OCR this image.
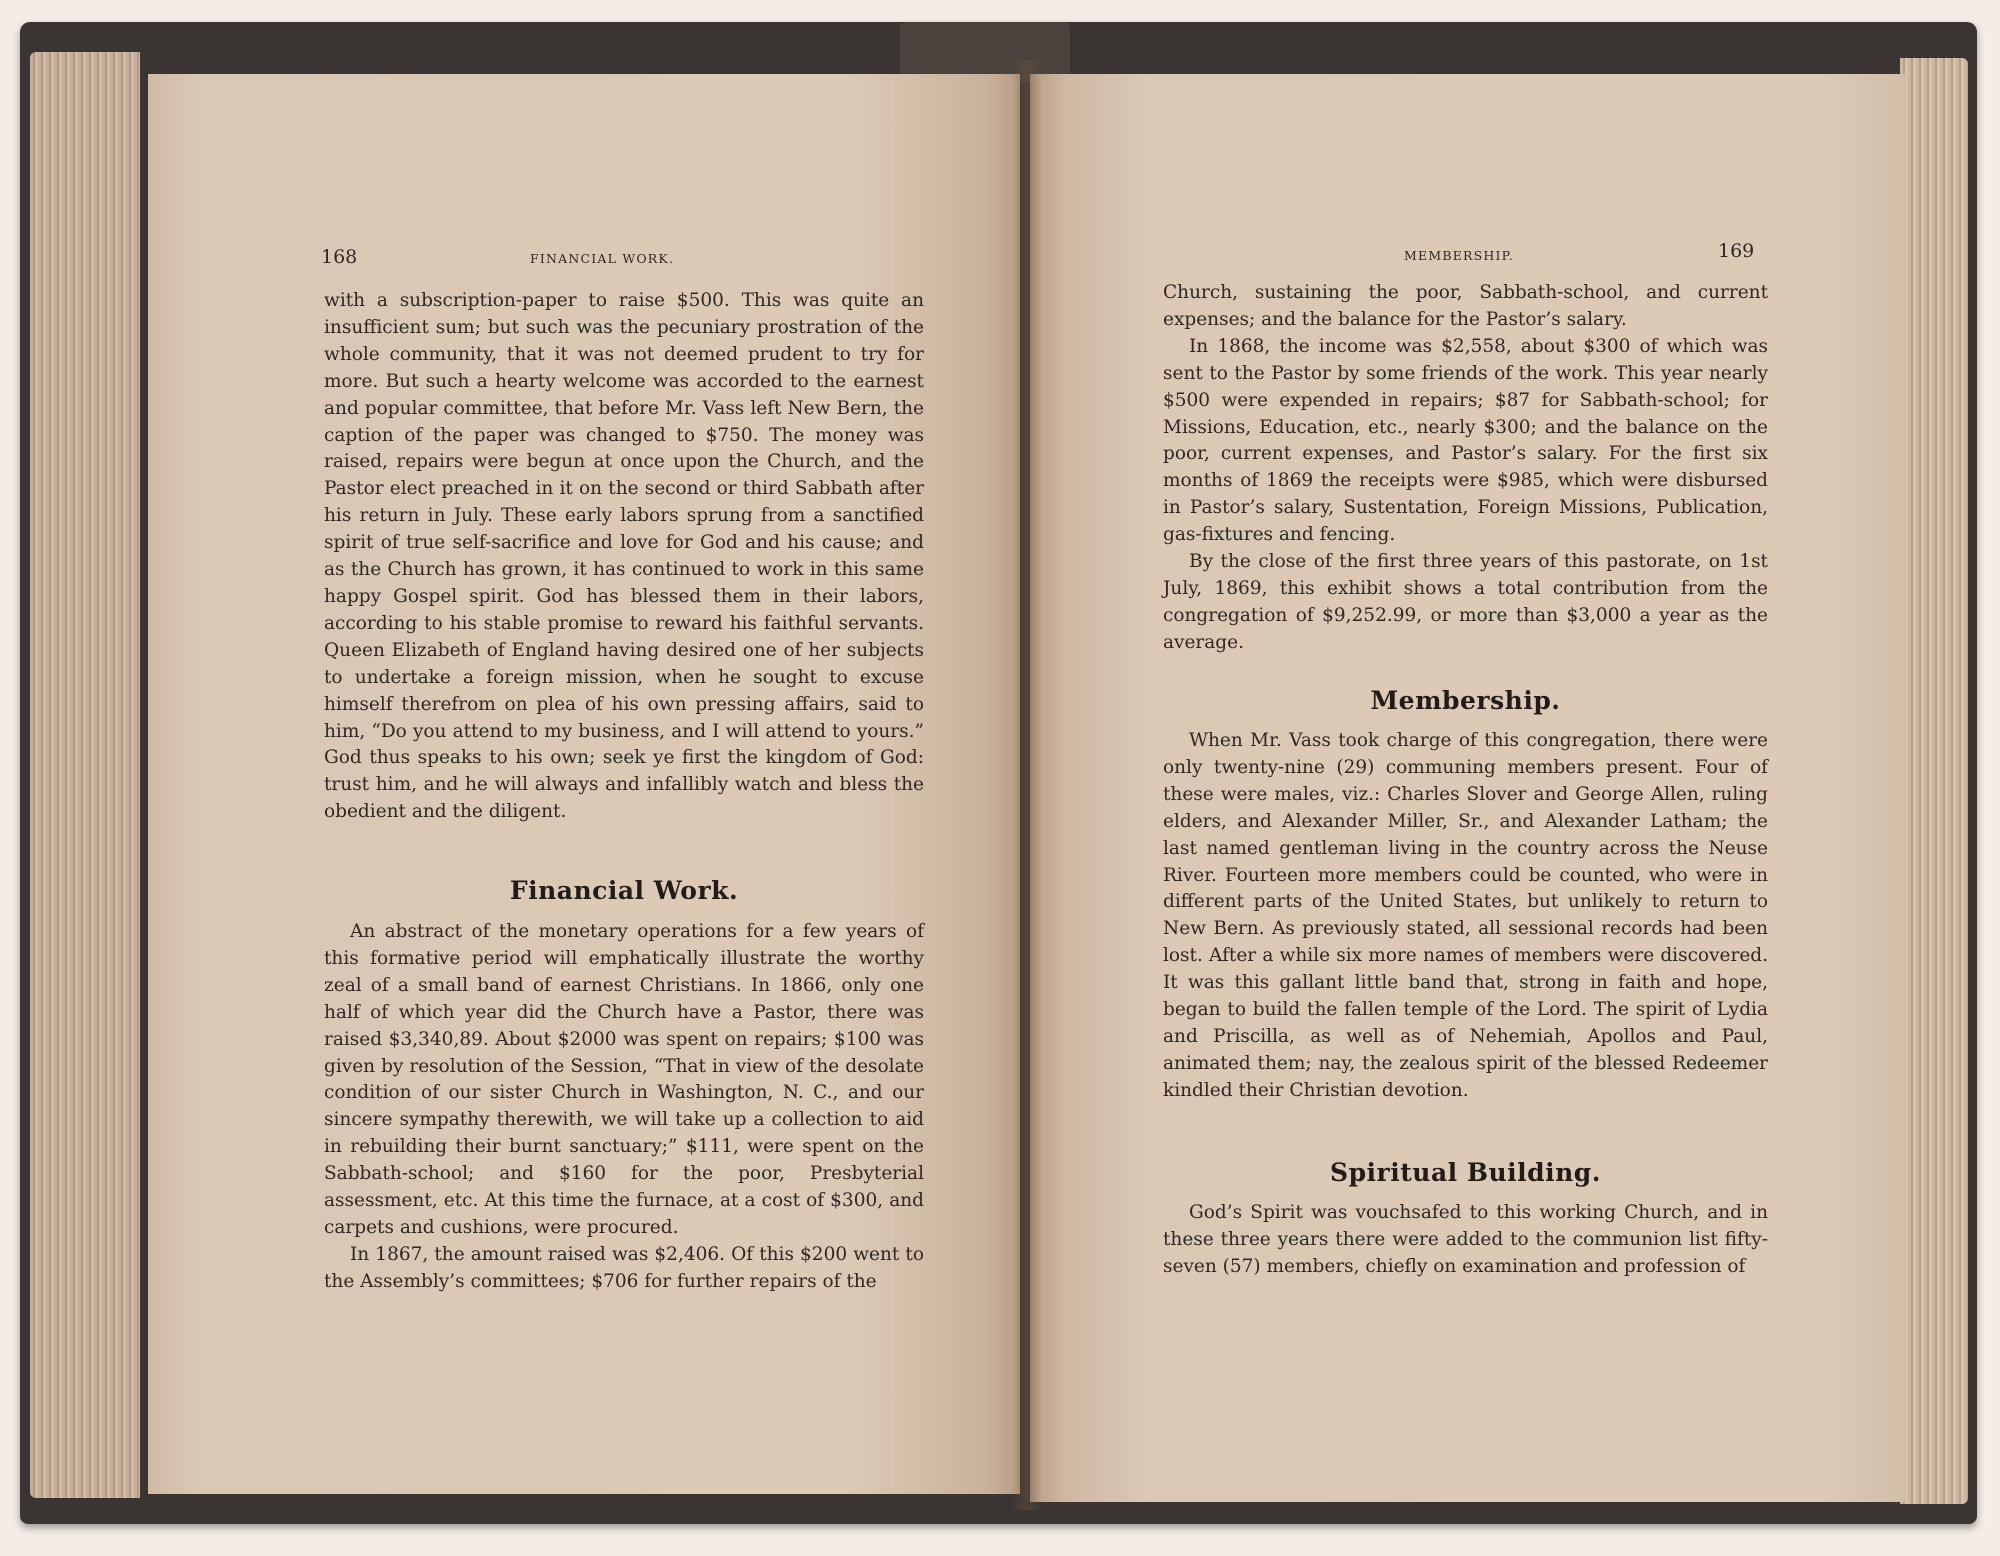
168	FINANCIAL WORK.

with a subscription-paper to raise $500. This was quite an insufficient sum; but such was the pecuniary prostration of the whole community, that it was not deemed prudent to try for more. But such a hearty welcome was accorded to the earnest and popular committee, that before Mr. Vass left New Bern, the caption of the paper was changed to $750. The money was raised, repairs were begun at once upon the Church, and the Pastor elect preached in it on the second or third Sabbath after his return in July. These early labors sprung from a sanctified spirit of true self-sacrifice and love for God and his cause; and as the Church has grown, it has continued to work in this same happy Gospel spirit. God has blessed them in their labors, according to his stable promise to reward his faithful servants. Queen Elizabeth of England having desired one of her subjects to undertake a foreign mission, when he sought to excuse himself therefrom on plea of his own pressing affairs, said to him, “Do you attend to my business, and I will attend to yours.” God thus speaks to his own; seek ye first the kingdom of God: trust him, and he will always and infallibly watch and bless the obedient and the diligent.

Financial Work.

An abstract of the monetary operations for a few years of this formative period will emphatically illustrate the worthy zeal of a small band of earnest Christians. In 1866, only one half of which year did the Church have a Pastor, there was raised $3,340,89. About $2000 was spent on repairs; $100 was given by resolution of the Session, “That in view of the desolate condition of our sister Church in Washington, N. C., and our sincere sympathy therewith, we will take up a collection to aid in rebuilding their burnt sanctuary;” $111, were spent on the Sabbath-school; and $160 for the poor, Presbyterial assessment, etc. At this time the furnace, at a cost of $300, and carpets and cushions, were procured.

In 1867, the amount raised was $2,406. Of this $200 went to the Assembly’s committees; $706 for further repairs of the

MEMBERSHIP.	169

Church, sustaining the poor, Sabbath-school, and current expenses; and the balance for the Pastor’s salary.

In 1868, the income was $2,558, about $300 of which was sent to the Pastor by some friends of the work. This year nearly $500 were expended in repairs; $87 for Sabbath-school; for Missions, Education, etc., nearly $300; and the balance on the poor, current expenses, and Pastor’s salary. For the first six months of 1869 the receipts were $985, which were disbursed in Pastor’s salary, Sustentation, Foreign Missions, Publication, gas-fixtures and fencing.

By the close of the first three years of this pastorate, on 1st July, 1869, this exhibit shows a total contribution from the congregation of $9,252.99, or more than $3,000 a year as the average.

Membership.

When Mr. Vass took charge of this congregation, there were only twenty-nine (29) communing members present. Four of these were males, viz.: Charles Slover and George Allen, ruling elders, and Alexander Miller, Sr., and Alexander Latham; the last named gentleman living in the country across the Neuse River. Fourteen more members could be counted, who were in different parts of the United States, but unlikely to return to New Bern. As previously stated, all sessional records had been lost. After a while six more names of members were discovered. It was this gallant little band that, strong in faith and hope, began to build the fallen temple of the Lord. The spirit of Lydia and Priscilla, as well as of Nehemiah, Apollos and Paul, animated them; nay, the zealous spirit of the blessed Redeemer kindled their Christian devotion.

Spiritual Building.

God’s Spirit was vouchsafed to this working Church, and in these three years there were added to the communion list fifty-seven (57) members, chiefly on examination and profession of
